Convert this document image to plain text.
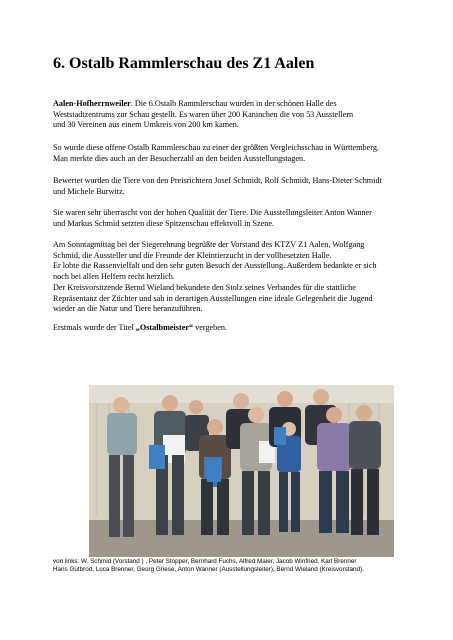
6. Ostalb Rammlerschau des Z1 Aalen

Aalen-Hofherrnweiler. Die 6.Ostalb Rammlerschau wurden in der schönen Halle des
Weststadtzentrums zur Schau gestellt. Es waren über 200 Kaninchen die von 53 Ausstellern
und 30 Vereinen aus einem Umkreis von 200 km kamen.

So wurde diese offene Ostalb Rammlerschau zu einer der größten Vergleichsschau in Württemberg.
Man merkte dies auch an der Besucherzahl an den beiden Ausstellungstagen.

Bewertet wurden die Tiere von den Preisrichtern Josef Schmidt, Rolf Schmidt, Hans-Dieter Schmidt
und Michele Burwitz.

Sie waren sehr überrascht von der hohen Qualität der Tiere. Die Ausstellungsleiter Anton Wanner
und Markus Schmid setzten diese Spitzenschau effektvoll in Szene.

Am Sonntagmittag bei der Siegerehrung begrüßte der Vorstand des KTZV Z1 Aalen, Wolfgang
Schmid, die Aussteller und die Freunde der Kleintierzucht in der vollbesetzten Halle.
Er lobte die Rassenvielfalt und den sehr guten Besuch der Ausstellung. Außerdem bedankte er sich
noch bei allen Helfern recht herzlich.
Der Kreisvorsitzende Bernd Wieland bekundete den Stolz seines Verbandes für die stattliche
Repräsentanz der Züchter und sah in derartigen Ausstellungen eine ideale Gelegenheit die Jugend
wieder an die Natur und Tiere heranzuführen.

Erstmals wurde der Titel „Ostalbmeister“ vergeben.

von links: W. Schmid (Vorstand ) , Peter Stopper, Bernhard Fuchs, Alfred Maier, Jacob Winfried, Karl Brenner
Hans Gutbrod, Luca Brenner, Georg Griese, Anton Wanner (Ausstellungsleiter), Bernd Wieland (Kreisvorstand).
